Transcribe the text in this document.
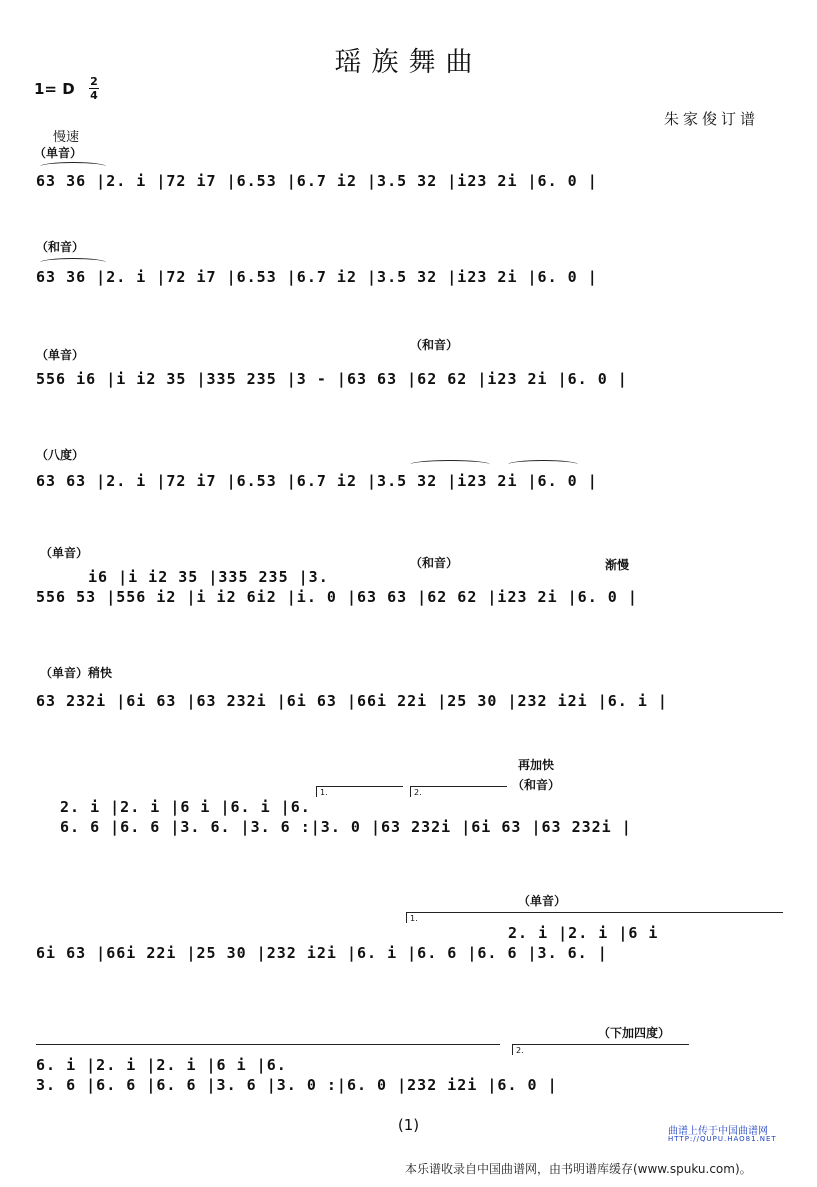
瑶族舞曲
1= D 2
4
朱家俊订谱
慢速
（单音）
63 36 |2. i |72 i7 |6.53 |6.7 i2 |3.5 32 |i23 2i |6. 0 |
（和音）
63 36 |2. i |72 i7 |6.53 |6.7 i2 |3.5 32 |i23 2i |6. 0 |
（单音）
（和音）
556 i6 |i i2 35 |335 235 |3 - |63 63 |62 62 |i23 2i |6. 0 |
（八度）
63 63 |2. i |72 i7 |6.53 |6.7 i2 |3.5 32 |i23 2i |6. 0 |
（单音）
（和音）	渐慢
i6 |i i2 35 |335 235 |3.
556 53 |556 i2 |i i2 6i2 |i. 0 |63 63 |62 62 |i23 2i |6. 0 |
（单音）稍快
63 232i |6i 63 |63 232i |6i 63 |66i 22i |25 30 |232 i2i |6. i |
再加快
（和音）
1.	2.
2. i |2. i |6 i |6. i |6.
6. 6 |6. 6 |3. 6. |3. 6 :|3. 0 |63 232i |6i 63 |63 232i |
（单音）
1.
2. i |2. i |6 i
6i 63 |66i 22i |25 30 |232 i2i |6. i |6. 6 |6. 6 |3. 6. |
（下加四度）
2.
6. i |2. i |2. i |6 i |6.
3. 6 |6. 6 |6. 6 |3. 6 |3. 0 :|6. 0 |232 i2i |6. 0 |
(1)	曲谱上传于中国曲谱网
HTTP://QUPU.HAO81.NET
本乐谱收录自中国曲谱网，由书明谱库缓存(www.spuku.com)。
